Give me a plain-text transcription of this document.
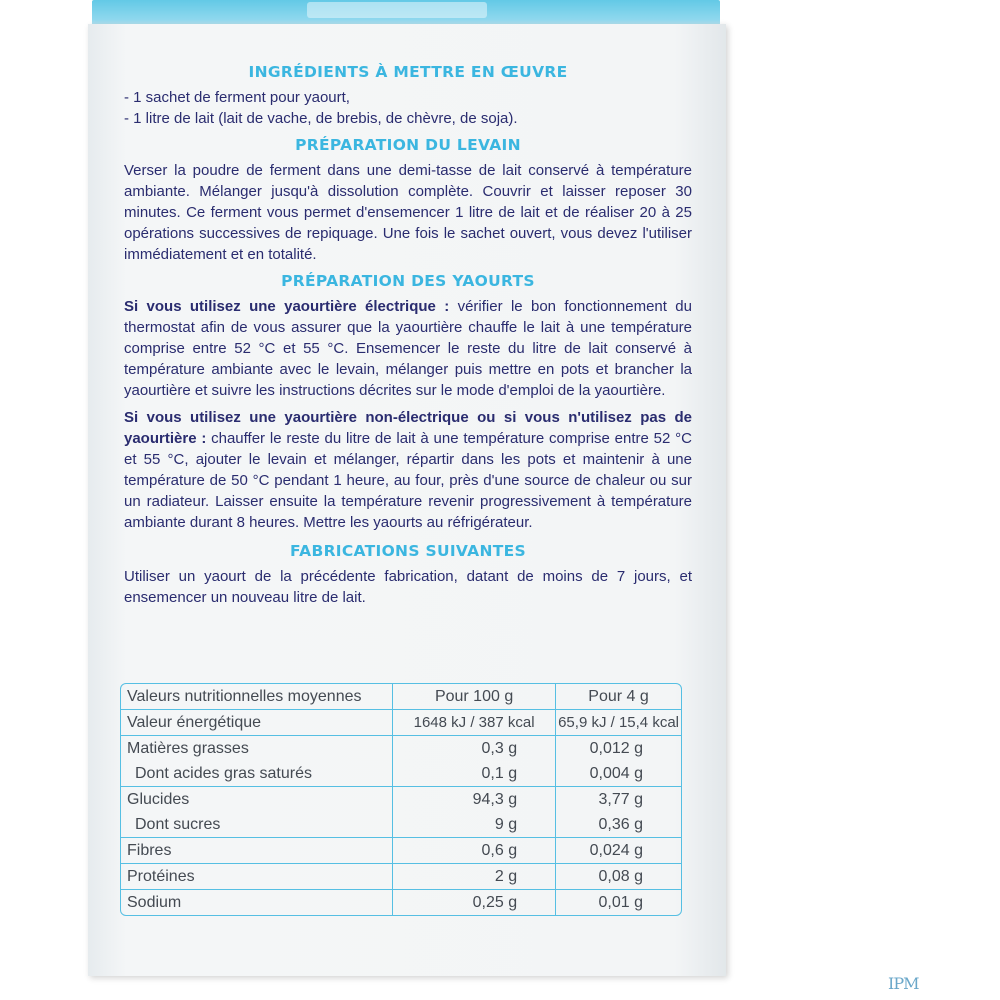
INGRÉDIENTS À METTRE EN ŒUVRE

- 1 sachet de ferment pour yaourt,

- 1 litre de lait (lait de vache, de brebis, de chèvre, de soja).

PRÉPARATION DU LEVAIN

Verser la poudre de ferment dans une demi-tasse de lait conservé à température ambiante. Mélanger jusqu'à dissolution complète. Couvrir et laisser reposer 30 minutes. Ce ferment vous permet d'ensemencer 1 litre de lait et de réaliser 20 à 25 opérations successives de repiquage. Une fois le sachet ouvert, vous devez l'utiliser immédiatement et en totalité.

PRÉPARATION DES YAOURTS

Si vous utilisez une yaourtière électrique : vérifier le bon fonctionnement du thermostat afin de vous assurer que la yaourtière chauffe le lait à une température comprise entre 52 °C et 55 °C. Ensemencer le reste du litre de lait conservé à température ambiante avec le levain, mélanger puis mettre en pots et brancher la yaourtière et suivre les instructions décrites sur le mode d'emploi de la yaourtière.

Si vous utilisez une yaourtière non-électrique ou si vous n'utilisez pas de yaourtière : chauffer le reste du litre de lait à une température comprise entre 52 °C et 55 °C, ajouter le levain et mélanger, répartir dans les pots et maintenir à une température de 50 °C pendant 1 heure, au four, près d'une source de chaleur ou sur un radiateur. Laisser ensuite la température revenir progressivement à température ambiante durant 8 heures. Mettre les yaourts au réfrigérateur.

FABRICATIONS SUIVANTES

Utiliser un yaourt de la précédente fabrication, datant de moins de 7 jours, et ensemencer un nouveau litre de lait.

Valeurs nutritionnelles moyennes	Pour 100 g	Pour 4 g
Valeur énergétique	1648 kJ / 387 kcal	65,9 kJ / 15,4 kcal
Matières grasses	0,3 g	0,012 g
Dont acides gras saturés	0,1 g	0,004 g
Glucides	94,3 g	3,77 g
Dont sucres	9 g	0,36 g
Fibres	0,6 g	0,024 g
Protéines	2 g	0,08 g
Sodium	0,25 g	0,01 g
IPM
